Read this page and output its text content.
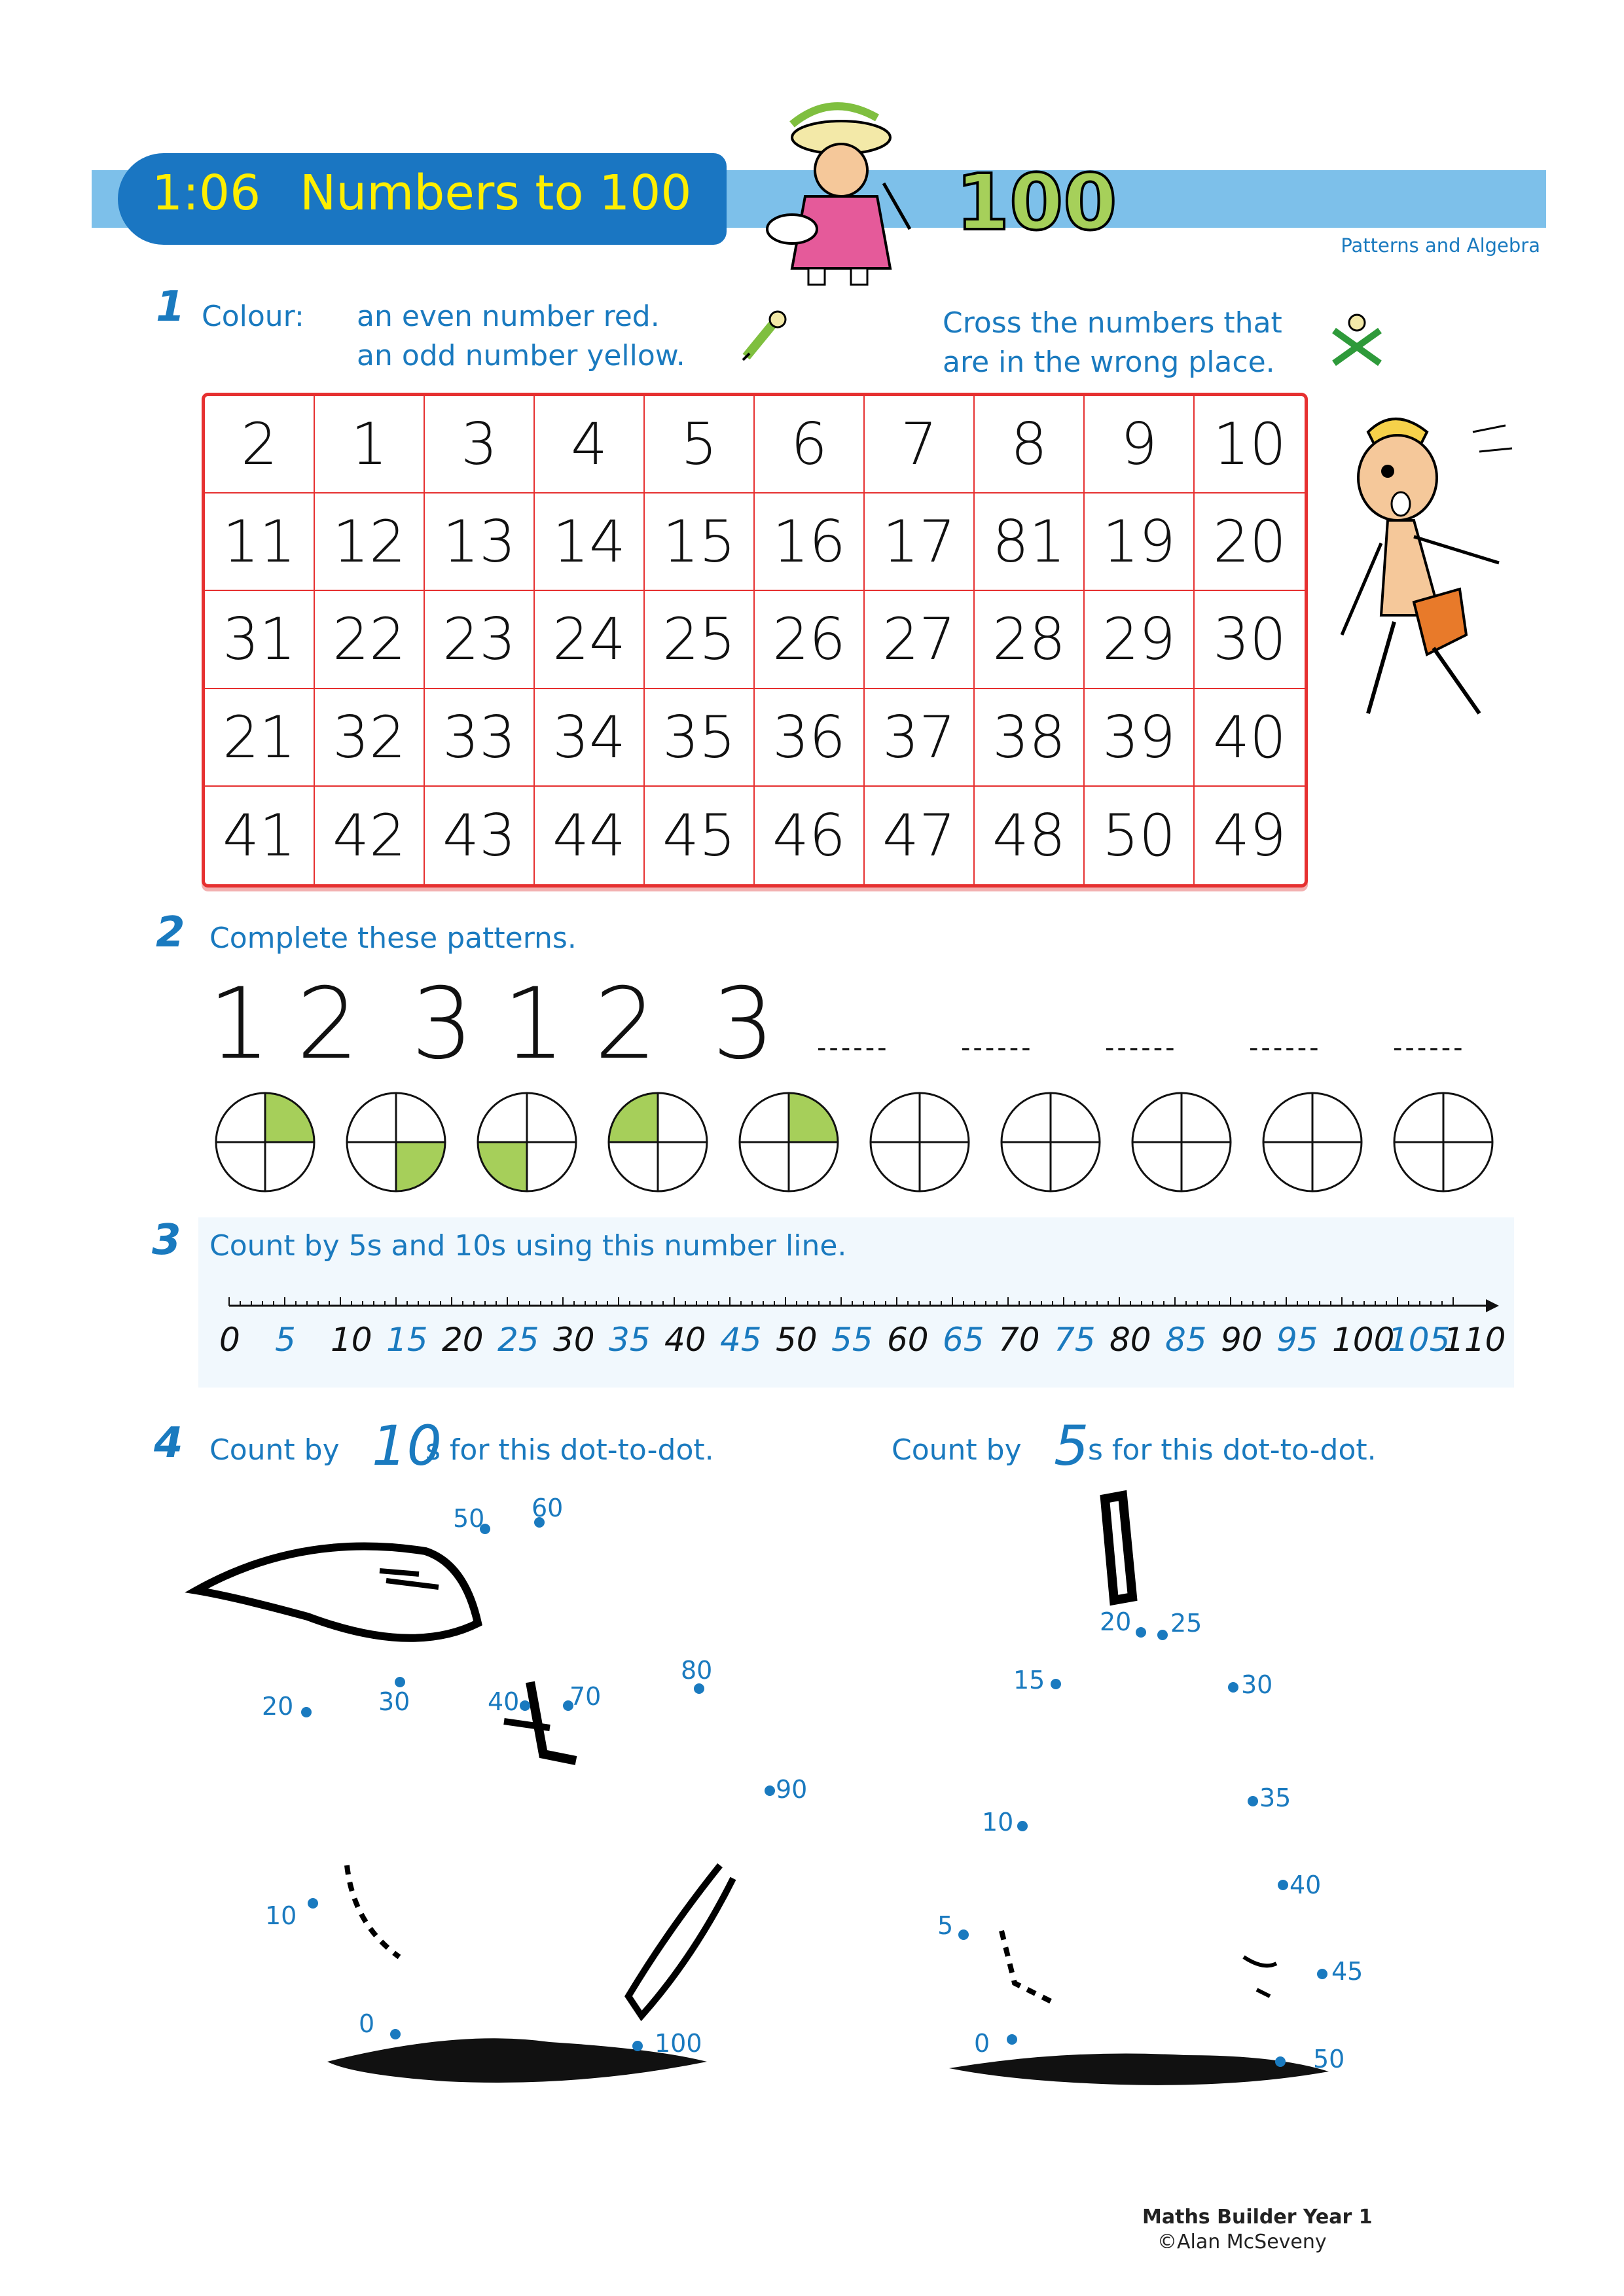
1:06 Numbers to 100	100	Patterns and Algebra
1 Colour: an even number red.
an odd number yellow.
Cross the numbers that
are in the wrong place.
2	1	3	4	5	6	7	8	9 10
11 12 13 14 15 16 17 81 19 20
31 22 23 24 25 26 27 28 29 30
21 32 33 34 35 36 37 38 39 40
41 42 43 44 45 46 47 48 50 49
2 Complete these patterns.
1 2 3 1 2 3 ------	------	------	------	------
3 Count by 5s and 10s using this number line.
0 5 10 15 20 25 30 35 40 45 50 55 60 65 70 75 80 85 90 95 100
105
110
4 Count by 10
s for this dot-to-dot.	Count by 5
s for this dot-to-dot.
0
10
20	30	40
50 60
70
80
90
100	0
5
10
15
20 25
30
35
40
45
50
Maths Builder Year 1
©Alan McSeveny
